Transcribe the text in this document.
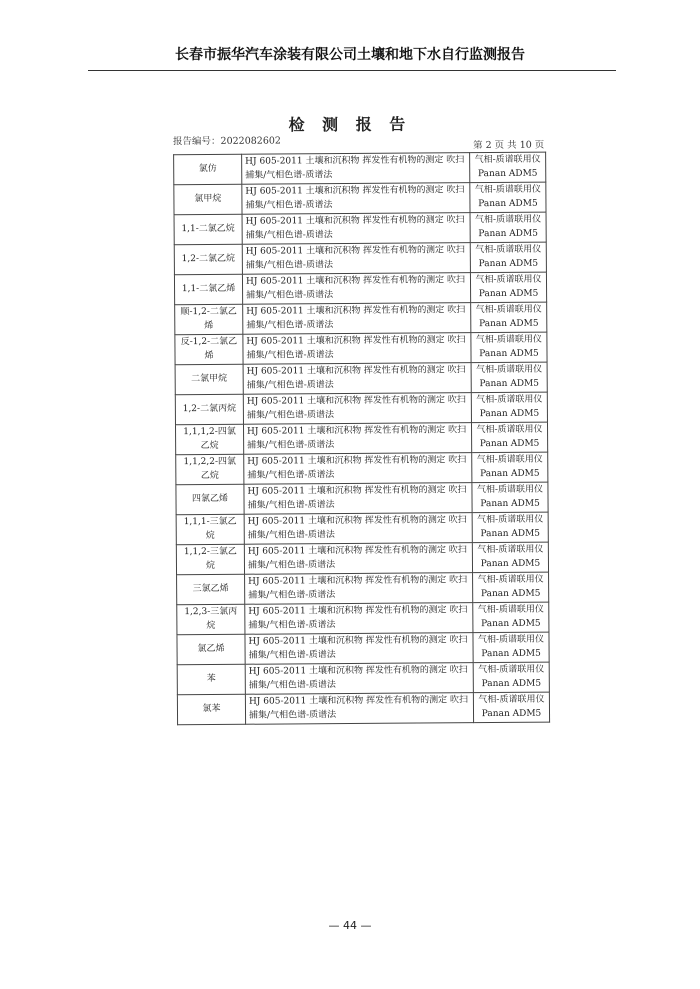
长春市振华汽车涂装有限公司土壤和地下水自行监测报告
检 测 报 告
报告编号：2022082602	第 2 页 共 10 页
氯仿	HJ 605-2011 土壤和沉积物 挥发性有机物的测定 吹扫捕集/气相色谱-质谱法	气相-质谱联用仪 Panan ADM5
氯甲烷	HJ 605-2011 土壤和沉积物 挥发性有机物的测定 吹扫捕集/气相色谱-质谱法	气相-质谱联用仪 Panan ADM5
1,1-二氯乙烷	HJ 605-2011 土壤和沉积物 挥发性有机物的测定 吹扫捕集/气相色谱-质谱法	气相-质谱联用仪 Panan ADM5
1,2-二氯乙烷	HJ 605-2011 土壤和沉积物 挥发性有机物的测定 吹扫捕集/气相色谱-质谱法	气相-质谱联用仪 Panan ADM5
1,1-二氯乙烯	HJ 605-2011 土壤和沉积物 挥发性有机物的测定 吹扫捕集/气相色谱-质谱法	气相-质谱联用仪 Panan ADM5
顺-1,2-二氯乙烯	HJ 605-2011 土壤和沉积物 挥发性有机物的测定 吹扫捕集/气相色谱-质谱法	气相-质谱联用仪 Panan ADM5
反-1,2-二氯乙烯	HJ 605-2011 土壤和沉积物 挥发性有机物的测定 吹扫捕集/气相色谱-质谱法	气相-质谱联用仪 Panan ADM5
二氯甲烷	HJ 605-2011 土壤和沉积物 挥发性有机物的测定 吹扫捕集/气相色谱-质谱法	气相-质谱联用仪 Panan ADM5
1,2-二氯丙烷	HJ 605-2011 土壤和沉积物 挥发性有机物的测定 吹扫捕集/气相色谱-质谱法	气相-质谱联用仪 Panan ADM5
1,1,1,2-四氯乙烷	HJ 605-2011 土壤和沉积物 挥发性有机物的测定 吹扫捕集/气相色谱-质谱法	气相-质谱联用仪 Panan ADM5
1,1,2,2-四氯乙烷	HJ 605-2011 土壤和沉积物 挥发性有机物的测定 吹扫捕集/气相色谱-质谱法	气相-质谱联用仪 Panan ADM5
四氯乙烯	HJ 605-2011 土壤和沉积物 挥发性有机物的测定 吹扫捕集/气相色谱-质谱法	气相-质谱联用仪 Panan ADM5
1,1,1-三氯乙烷	HJ 605-2011 土壤和沉积物 挥发性有机物的测定 吹扫捕集/气相色谱-质谱法	气相-质谱联用仪 Panan ADM5
1,1,2-三氯乙烷	HJ 605-2011 土壤和沉积物 挥发性有机物的测定 吹扫捕集/气相色谱-质谱法	气相-质谱联用仪 Panan ADM5
三氯乙烯	HJ 605-2011 土壤和沉积物 挥发性有机物的测定 吹扫捕集/气相色谱-质谱法	气相-质谱联用仪 Panan ADM5
1,2,3-三氯丙烷	HJ 605-2011 土壤和沉积物 挥发性有机物的测定 吹扫捕集/气相色谱-质谱法	气相-质谱联用仪 Panan ADM5
氯乙烯	HJ 605-2011 土壤和沉积物 挥发性有机物的测定 吹扫捕集/气相色谱-质谱法	气相-质谱联用仪 Panan ADM5
苯	HJ 605-2011 土壤和沉积物 挥发性有机物的测定 吹扫捕集/气相色谱-质谱法	气相-质谱联用仪 Panan ADM5
氯苯	HJ 605-2011 土壤和沉积物 挥发性有机物的测定 吹扫捕集/气相色谱-质谱法	气相-质谱联用仪 Panan ADM5
— 44 —
